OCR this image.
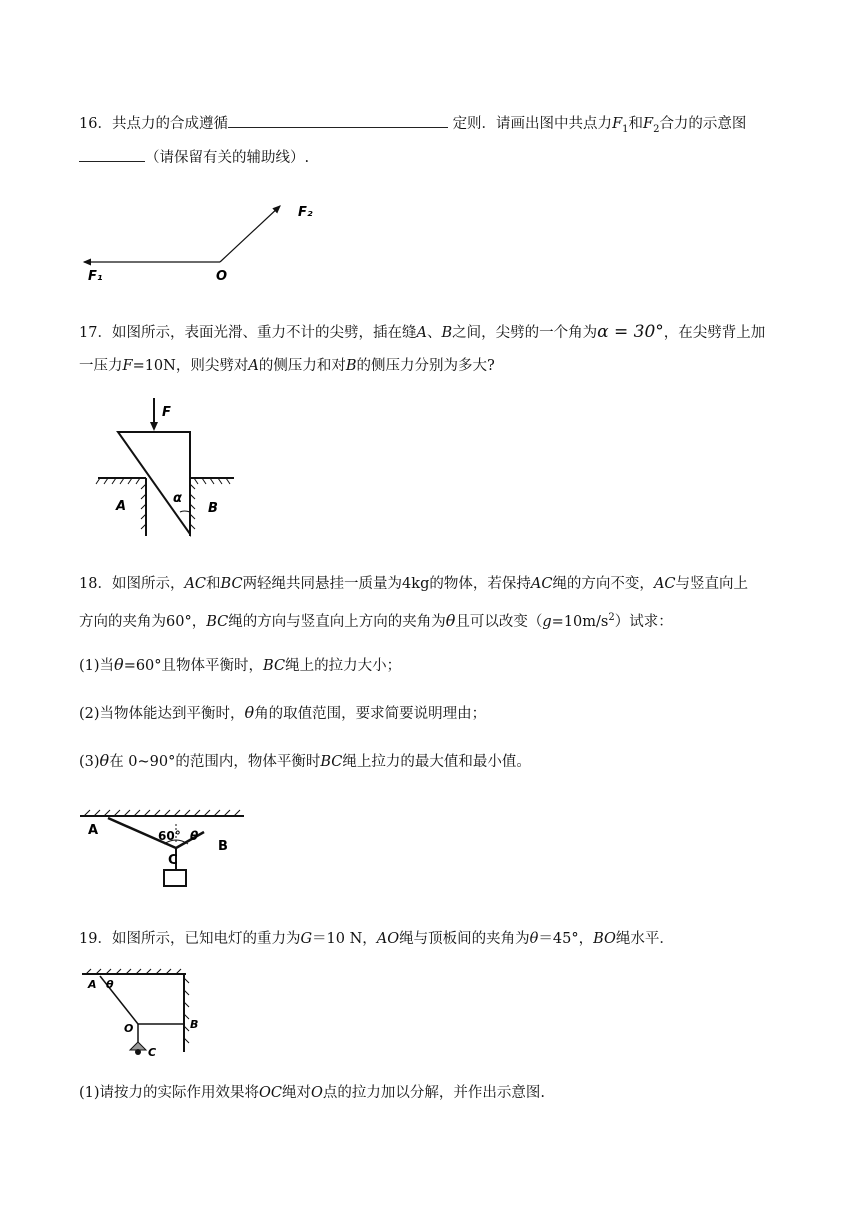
16．共点力的合成遵循	定则．请画出图中共点力$F_1$和$F_2$合力的示意图
（请保留有关的辅助线）.
F₁
F₂
O
17．如图所示，表面光滑、重力不计的尖劈，插在缝A、B之间，尖劈的一个角为α = 30°，在尖劈背上加
一压力F=10N，则尖劈对A的侧压力和对B的侧压力分别为多大?
F
α
A	B
18．如图所示，AC和BC两轻绳共同悬挂一质量为4kg的物体，若保持AC绳的方向不变，AC与竖直向上
方向的夹角为60°，BC绳的方向与竖直向上方向的夹角为θ且可以改变$(g=10m/s^2)$试求：
(1)当θ=60°且物体平衡时，BC绳上的拉力大小；
(2)当物体能达到平衡时，θ角的取值范围，要求简要说明理由；
(3)θ在 0~90°的范围内，物体平衡时BC绳上拉力的最大值和最小值。
A
B
C
60° θ
19．如图所示，已知电灯的重力为G＝10 N，AO绳与顶板间的夹角为θ＝45°，BO绳水平．
A θ
O	B
C
(1)请按力的实际作用效果将OC绳对O点的拉力加以分解，并作出示意图.
